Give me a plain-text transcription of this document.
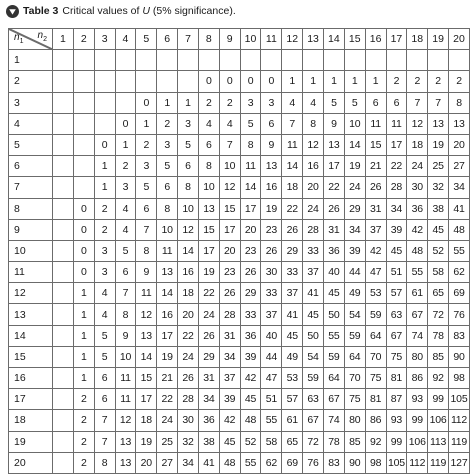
Table 3 Critical values of U (5% significance).
$n_1$
$n_2$	1	2	3	4	5	6	7	8	9	10	11	12	13	14	15	16	17	18	19	20
1																				
2								0	0	0	0	1	1	1	1	1	2	2	2	2
3					0	1	1	2	2	3	3	4	4	5	5	6	6	7	7	8
4				0	1	2	3	4	4	5	6	7	8	9	10	11	11	12	13	13
5			0	1	2	3	5	6	7	8	9	11	12	13	14	15	17	18	19	20
6			1	2	3	5	6	8	10	11	13	14	16	17	19	21	22	24	25	27
7			1	3	5	6	8	10	12	14	16	18	20	22	24	26	28	30	32	34
8		0	2	4	6	8	10	13	15	17	19	22	24	26	29	31	34	36	38	41
9		0	2	4	7	10	12	15	17	20	23	26	28	31	34	37	39	42	45	48
10		0	3	5	8	11	14	17	20	23	26	29	33	36	39	42	45	48	52	55
11		0	3	6	9	13	16	19	23	26	30	33	37	40	44	47	51	55	58	62
12		1	4	7	11	14	18	22	26	29	33	37	41	45	49	53	57	61	65	69
13		1	4	8	12	16	20	24	28	33	37	41	45	50	54	59	63	67	72	76
14		1	5	9	13	17	22	26	31	36	40	45	50	55	59	64	67	74	78	83
15		1	5	10	14	19	24	29	34	39	44	49	54	59	64	70	75	80	85	90
16		1	6	11	15	21	26	31	37	42	47	53	59	64	70	75	81	86	92	98
17		2	6	11	17	22	28	34	39	45	51	57	63	67	75	81	87	93	99	105
18		2	7	12	18	24	30	36	42	48	55	61	67	74	80	86	93	99	106	112
19		2	7	13	19	25	32	38	45	52	58	65	72	78	85	92	99	106	113	119
20		2	8	13	20	27	34	41	48	55	62	69	76	83	90	98	105	112	119	127
